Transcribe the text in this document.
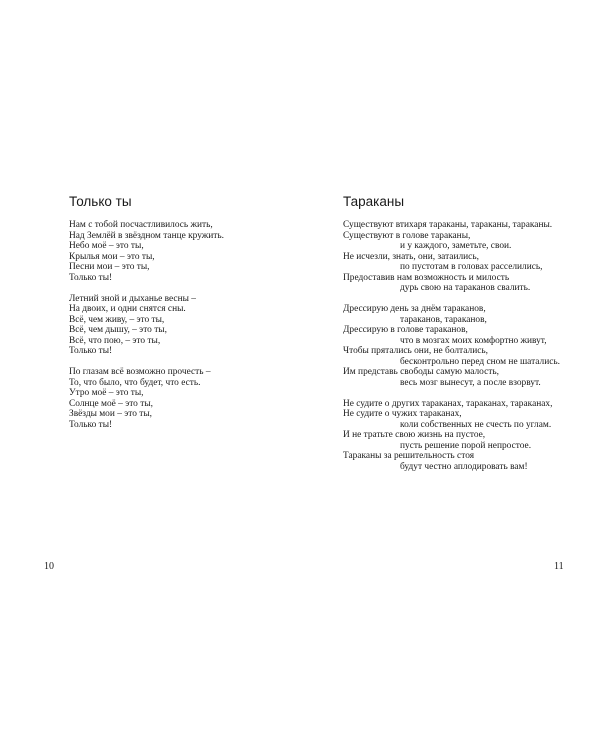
Только ты
Нам с тобой посчастливилось жить,
Над Землёй в звёздном танце кружить.
Небо моё – это ты,
Крылья мои – это ты,
Песни мои – это ты,
Только ты!
Летний зной и дыханье весны –
На двоих, и одни снятся сны.
Всё, чем живу, – это ты,
Всё, чем дышу, – это ты,
Всё, что пою, – это ты,
Только ты!
По глазам всё возможно прочесть –
То, что было, что будет, что есть.
Утро моё – это ты,
Солнце моё – это ты,
Звёзды мои – это ты,
Только ты!
10
Тараканы
Существуют втихаря тараканы, тараканы, тараканы.
Существуют в голове тараканы,
и у каждого, заметьте, свои.
Не исчезли, знать, они, затаились,
по пустотам в головах расселились,
Предоставив нам возможность и милость
дурь свою на тараканов свалить.
Дрессирую день за днём тараканов,
тараканов, тараканов,
Дрессирую в голове тараканов,
что в мозгах моих комфортно живут,
Чтобы прятались они, не болтались,
бесконтрольно перед сном не шатались.
Им представь свободы самую малость,
весь мозг вынесут, а после взорвут.
Не судите о других тараканах, тараканах, тараканах,
Не судите о чужих тараканах,
коли собственных не счесть по углам.
И не тратьте свою жизнь на пустое,
пусть решение порой непростое.
Тараканы за решительность стоя
будут честно аплодировать вам!
11
